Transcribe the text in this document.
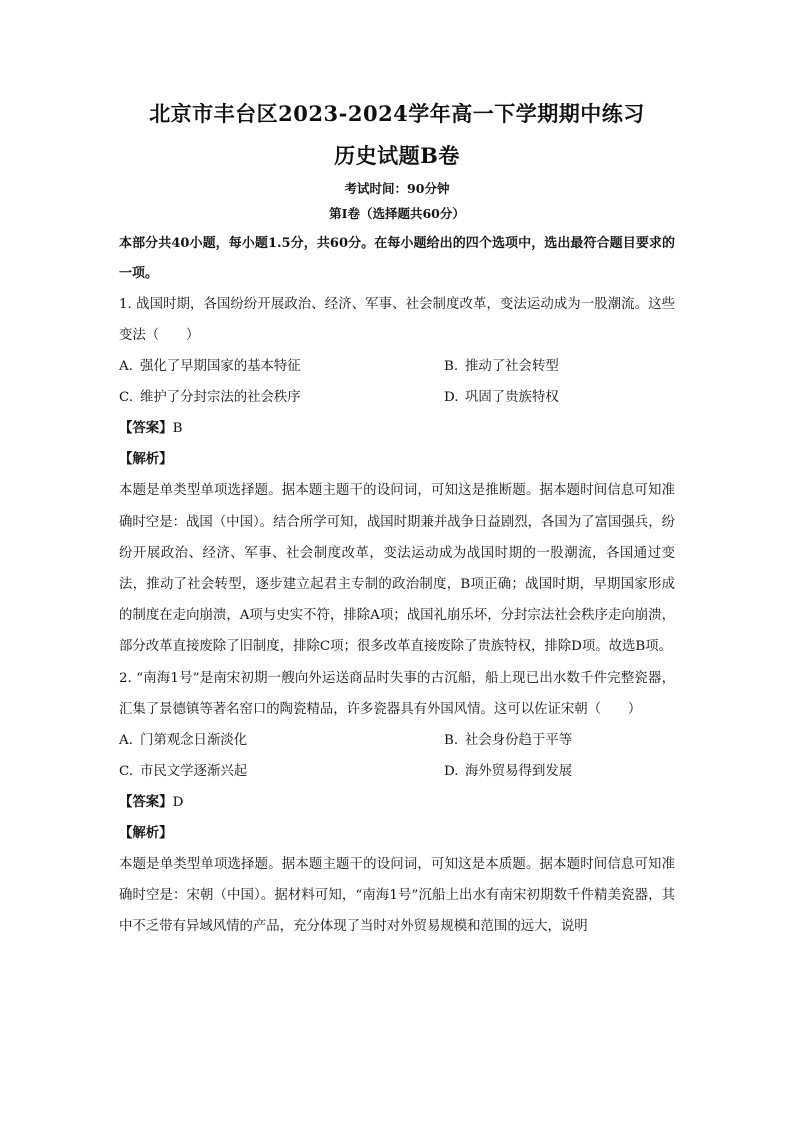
北京市丰台区2023-2024学年高一下学期期中练习
历史试题B卷
考试时间：90分钟
第I卷（选择题共60分）
本部分共40小题，每小题1.5分，共60分。在每小题给出的四个选项中，选出最符合题目要求的一项。

1. 战国时期，各国纷纷开展政治、经济、军事、社会制度改革，变法运动成为一股潮流。这些变法（　　）

A. 强化了早期国家的基本特征	B. 推动了社会转型
C. 维护了分封宗法的社会秩序	D. 巩固了贵族特权
【答案】B
【解析】

本题是单类型单项选择题。据本题主题干的设问词，可知这是推断题。据本题时间信息可知准确时空是：战国（中国）。结合所学可知，战国时期兼并战争日益剧烈，各国为了富国强兵，纷纷开展政治、经济、军事、社会制度改革，变法运动成为战国时期的一股潮流，各国通过变法，推动了社会转型，逐步建立起君主专制的政治制度，B项正确；战国时期，早期国家形成的制度在走向崩溃，A项与史实不符，排除A项；战国礼崩乐坏，分封宗法社会秩序走向崩溃，部分改革直接废除了旧制度，排除C项；很多改革直接废除了贵族特权，排除D项。故选B项。

2. “南海1号”是南宋初期一艘向外运送商品时失事的古沉船，船上现已出水数千件完整瓷器，汇集了景德镇等著名窑口的陶瓷精品，许多瓷器具有外国风情。这可以佐证宋朝（　　）

A. 门第观念日渐淡化	B. 社会身份趋于平等
C. 市民文学逐渐兴起	D. 海外贸易得到发展
【答案】D
【解析】

本题是单类型单项选择题。据本题主题干的设问词，可知这是本质题。据本题时间信息可知准确时空是：宋朝（中国）。据材料可知，“南海1号”沉船上出水有南宋初期数千件精美瓷器，其中不乏带有异域风情的产品，充分体现了当时对外贸易规模和范围的远大，说明
